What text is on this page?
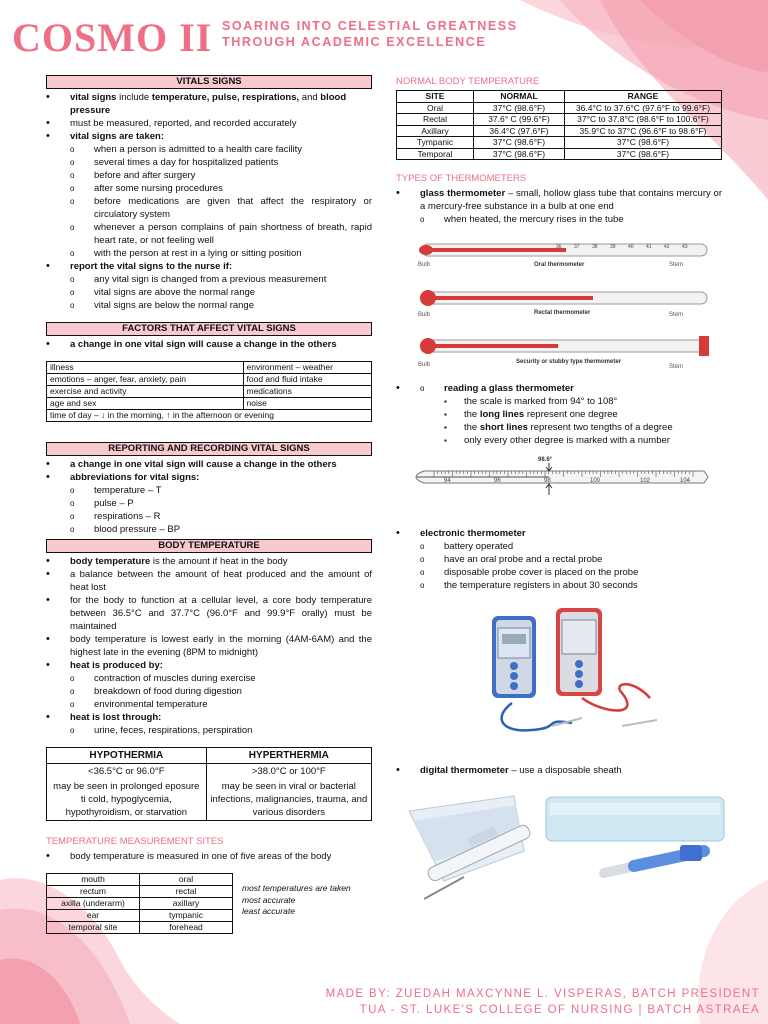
COSMO II SOARING INTO CELESTIAL GREATNESS
THROUGH ACADEMIC EXCELLENCE
VITALS SIGNS
• vital signs include temperature, pulse, respirations, and blood pressure
• must be measured, reported, and recorded accurately
• vital signs are taken:
o when a person is admitted to a health care facility
o several times a day for hospitalized patients
o before and after surgery
o after some nursing procedures
o before medications are given that affect the respiratory or circulatory system
o whenever a person complains of pain shortness of breath, rapid heart rate, or not feeling well
o with the person at rest in a lying or sitting position
• report the vital signs to the nurse if:
o any vital sign is changed from a previous measurement
o vital signs are above the normal range
o vital signs are below the normal range
FACTORS THAT AFFECT VITAL SIGNS
• a change in one vital sign will cause a change in the others
illness	environment – weather
emotions – anger, fear, anxiety, pain	food and fluid intake
exercise and activity	medications
age and sex	noise
time of day – ↓ in the morning, ↑ in the afternoon or evening	
REPORTING AND RECORDING VITAL SIGNS
• a change in one vital sign will cause a change in the others
• abbreviations for vital signs:
o temperature – T
o pulse – P
o respirations – R
o blood pressure – BP
BODY TEMPERATURE
• body temperature is the amount if heat in the body
• a balance between the amount of heat produced and the amount of heat lost
• for the body to function at a cellular level, a core body temperature between 36.5°C and 37.7°C (96.0°F and 99.9°F orally) must be maintained
• body temperature is lowest early in the morning (4AM-6AM) and the highest late in the evening (8PM to midnight)
• heat is produced by:
o contraction of muscles during exercise
o breakdown of food during digestion
o environmental temperature
• heat is lost through:
o urine, feces, respirations, perspiration
HYPOTHERMIA	HYPERTHERMIA
<36.5°C or 96.0°F	>38.0°C or 100°F
may be seen in prolonged eposure ti cold, hypoglycemia, hypothyroidism, or starvation	may be seen in viral or bacterial infections, malignancies, trauma, and various disorders
TEMPERATURE MEASUREMENT SITES
• body temperature is measured in one of five areas of the body
mouth	oral
rectum	rectal
axilla (underarm)	axillary
ear	tympanic
temporal site	forehead
most temperatures are taken
most accurate
least accurate
NORMAL BODY TEMPERATURE
SITE	NORMAL	RANGE
Oral	37°C (98.6°F)	36.4°C to 37.6°C (97.6°F to 99.6°F)
Rectal	37.6° C (99.6°F)	37°C to 37.8°C (98.6°F to 100.6°F)
Axillary	36.4°C (97.6°F)	35.9°C to 37°C (96.6°F to 98.6°F)
Tympanic	37°C (98.6°F)	37°C (98.6°F)
Temporal	37°C (98.6°F)	37°C (98.6°F)
TYPES OF THERMOMETERS
• glass thermometer – small, hollow glass tube that contains mercury or a mercury-free substance in a bulb at one end
o when heated, the mercury rises in the tube
36 37 38 39 40 41 42 43
Bulb	Oral thermometer	Stem
Bulb	Rectal thermometer	Stem
Bulb	Security or stubby type thermometer
Stem
o • reading a glass thermometer
▪ the scale is marked from 94° to 108°
▪ the long lines represent one degree
▪ the short lines represent two tengths of a degree
▪ only every other degree is marked with a number
98.6°
94	96	98	100	102	104
• electronic thermometer
o battery operated
o have an oral probe and a rectal probe
o disposable probe cover is placed on the probe
o the temperature registers in about 30 seconds
• digital thermometer – use a disposable sheath
MADE BY: ZUEDAH MAXCYNNE L. VISPERAS, BATCH PRESIDENT
TUA - ST. LUKE'S COLLEGE OF NURSING | BATCH ASTRAEA
